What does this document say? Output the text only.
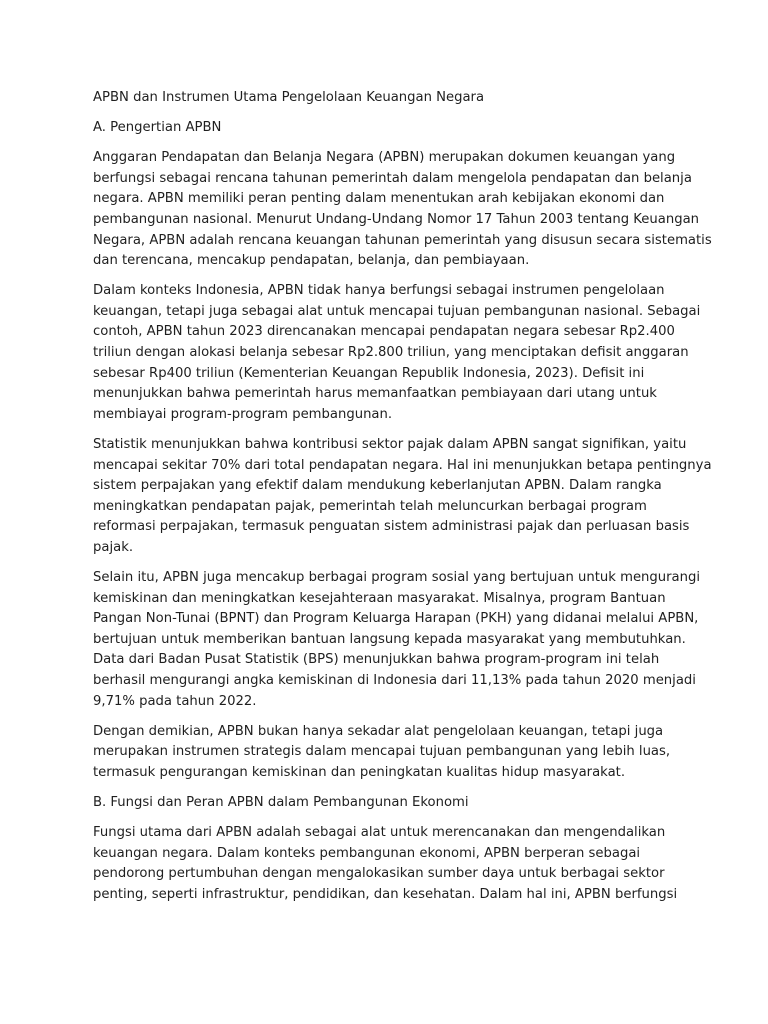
APBN dan Instrumen Utama Pengelolaan Keuangan Negara

A. Pengertian APBN

Anggaran Pendapatan dan Belanja Negara (APBN) merupakan dokumen keuangan yang
berfungsi sebagai rencana tahunan pemerintah dalam mengelola pendapatan dan belanja
negara. APBN memiliki peran penting dalam menentukan arah kebijakan ekonomi dan
pembangunan nasional. Menurut Undang-Undang Nomor 17 Tahun 2003 tentang Keuangan
Negara, APBN adalah rencana keuangan tahunan pemerintah yang disusun secara sistematis
dan terencana, mencakup pendapatan, belanja, dan pembiayaan.

Dalam konteks Indonesia, APBN tidak hanya berfungsi sebagai instrumen pengelolaan
keuangan, tetapi juga sebagai alat untuk mencapai tujuan pembangunan nasional. Sebagai
contoh, APBN tahun 2023 direncanakan mencapai pendapatan negara sebesar Rp2.400
triliun dengan alokasi belanja sebesar Rp2.800 triliun, yang menciptakan defisit anggaran
sebesar Rp400 triliun (Kementerian Keuangan Republik Indonesia, 2023). Defisit ini
menunjukkan bahwa pemerintah harus memanfaatkan pembiayaan dari utang untuk
membiayai program-program pembangunan.

Statistik menunjukkan bahwa kontribusi sektor pajak dalam APBN sangat signifikan, yaitu
mencapai sekitar 70% dari total pendapatan negara. Hal ini menunjukkan betapa pentingnya
sistem perpajakan yang efektif dalam mendukung keberlanjutan APBN. Dalam rangka
meningkatkan pendapatan pajak, pemerintah telah meluncurkan berbagai program
reformasi perpajakan, termasuk penguatan sistem administrasi pajak dan perluasan basis
pajak.

Selain itu, APBN juga mencakup berbagai program sosial yang bertujuan untuk mengurangi
kemiskinan dan meningkatkan kesejahteraan masyarakat. Misalnya, program Bantuan
Pangan Non-Tunai (BPNT) dan Program Keluarga Harapan (PKH) yang didanai melalui APBN,
bertujuan untuk memberikan bantuan langsung kepada masyarakat yang membutuhkan.
Data dari Badan Pusat Statistik (BPS) menunjukkan bahwa program-program ini telah
berhasil mengurangi angka kemiskinan di Indonesia dari 11,13% pada tahun 2020 menjadi
9,71% pada tahun 2022.

Dengan demikian, APBN bukan hanya sekadar alat pengelolaan keuangan, tetapi juga
merupakan instrumen strategis dalam mencapai tujuan pembangunan yang lebih luas,
termasuk pengurangan kemiskinan dan peningkatan kualitas hidup masyarakat.

B. Fungsi dan Peran APBN dalam Pembangunan Ekonomi

Fungsi utama dari APBN adalah sebagai alat untuk merencanakan dan mengendalikan
keuangan negara. Dalam konteks pembangunan ekonomi, APBN berperan sebagai
pendorong pertumbuhan dengan mengalokasikan sumber daya untuk berbagai sektor
penting, seperti infrastruktur, pendidikan, dan kesehatan. Dalam hal ini, APBN berfungsi
